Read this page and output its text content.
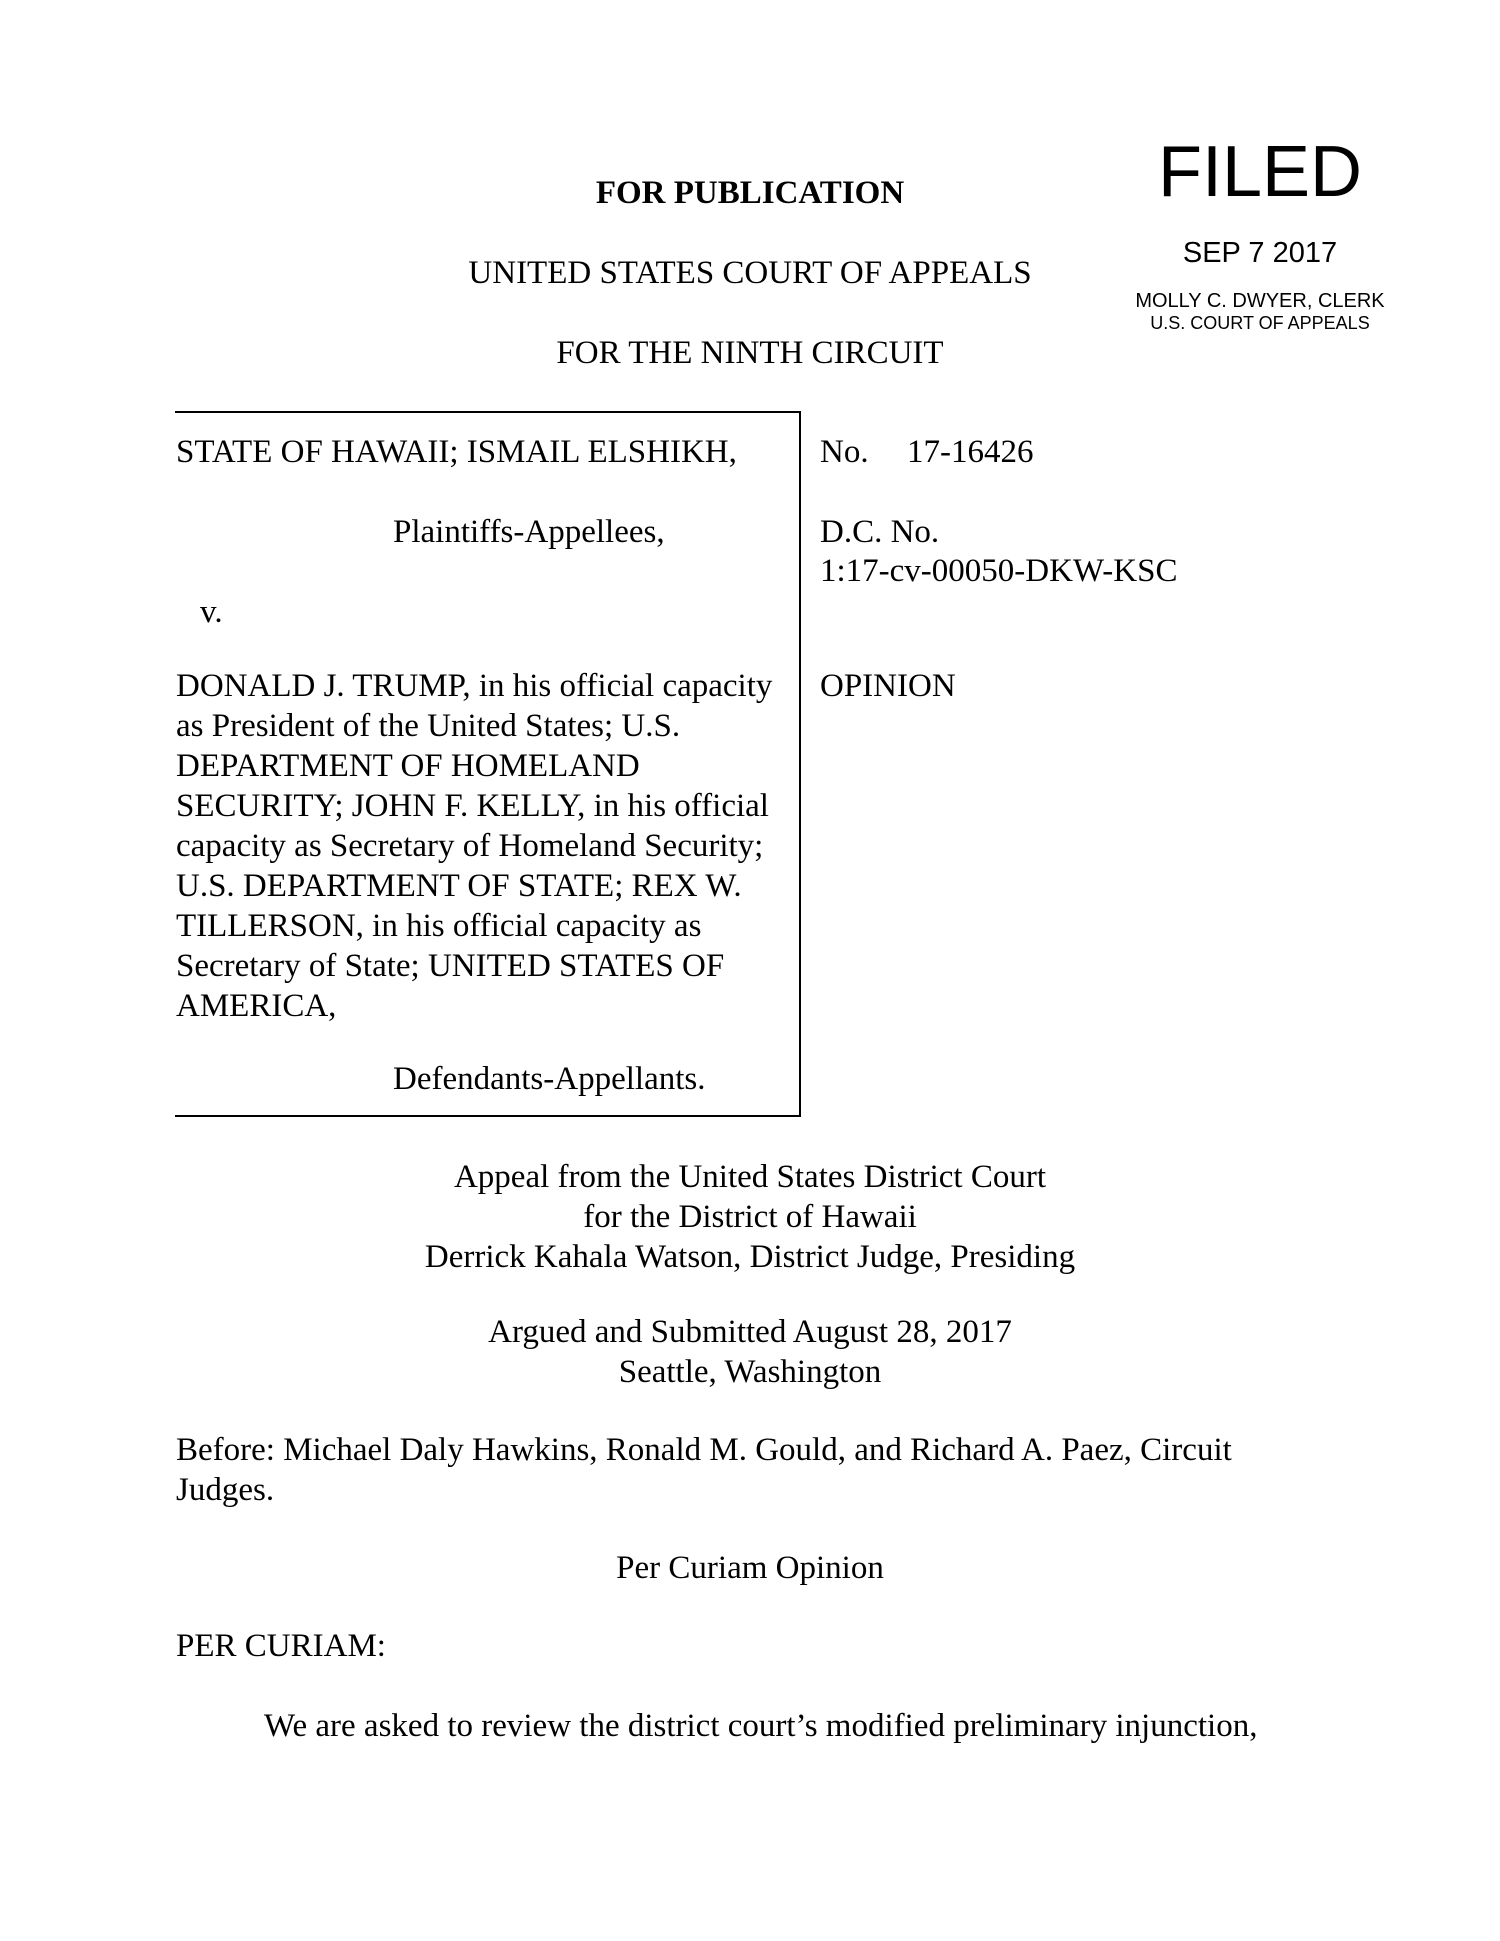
FOR PUBLICATION
UNITED STATES COURT OF APPEALS
FOR THE NINTH CIRCUIT
FILED
SEP 7 2017
MOLLY C. DWYER, CLERK
U.S. COURT OF APPEALS
STATE OF HAWAII; ISMAIL ELSHIKH,
Plaintiffs-Appellees,
v.
DONALD J. TRUMP, in his official capacity as President of the United States; U.S. DEPARTMENT OF HOMELAND SECURITY; JOHN F. KELLY, in his official capacity as Secretary of Homeland Security; U.S. DEPARTMENT OF STATE; REX W. TILLERSON, in his official capacity as Secretary of State; UNITED STATES OF AMERICA,
Defendants-Appellants.
No. 17-16426
D.C. No.
1:17-cv-00050-DKW-KSC
OPINION
Appeal from the United States District Court
for the District of Hawaii
Derrick Kahala Watson, District Judge, Presiding
Argued and Submitted August 28, 2017
Seattle, Washington
Before: Michael Daly Hawkins, Ronald M. Gould, and Richard A. Paez, Circuit Judges.
Per Curiam Opinion
PER CURIAM:
We are asked to review the district court’s modified preliminary injunction,
